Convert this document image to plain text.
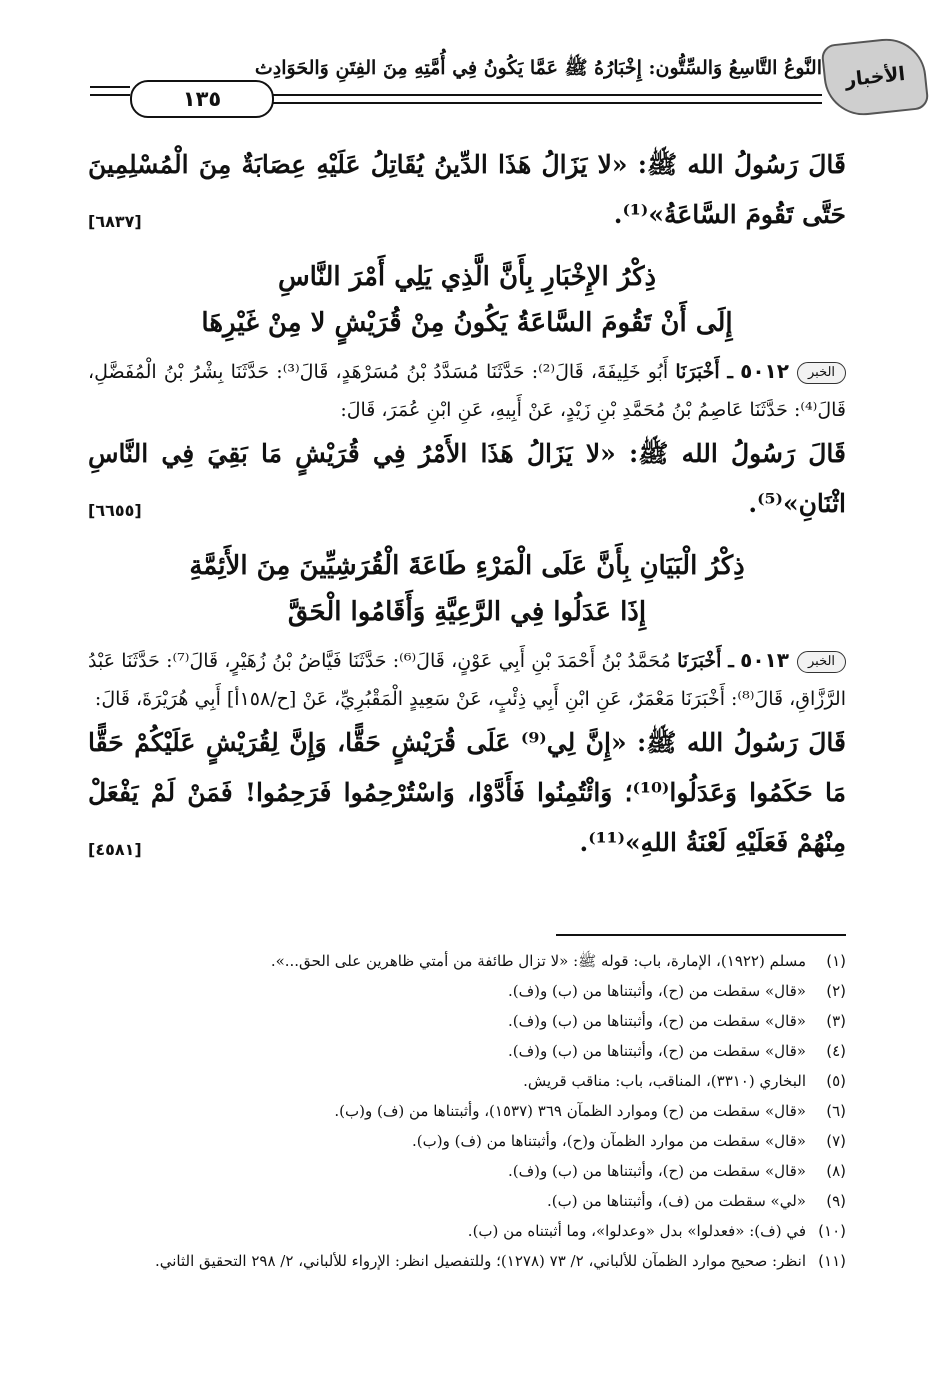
الأخبار
النَّوعُ التَّاسِعُ وَالسِّتُّون: إِخْبَارُهُ ﷺ عَمَّا يَكُونُ فِي أُمَّتِهِ مِنَ الفِتَنِ وَالحَوَادِث
١٣٥

قَالَ رَسُولُ الله ﷺ: «لا يَزَالُ هَذَا الدِّينُ يُقَاتِلُ عَلَيْهِ عِصَابَةٌ مِنَ الْمُسْلِمِينَ حَتَّى تَقُومَ السَّاعَةُ»⁽¹⁾.

[٦٨٣٧]
ذِكْرُ الإِخْبَارِ بِأَنَّ الَّذِي يَلِي أَمْرَ النَّاسِ
إِلَى أَنْ تَقُومَ السَّاعَةُ يَكُونُ مِنْ قُرَيْشٍ لا مِنْ غَيْرِهَا

الخبر٥٠١٢ ـ أَخْبَرَنَا أَبُو خَلِيفَةَ، قَالَ⁽²⁾: حَدَّثَنَا مُسَدَّدُ بْنُ مُسَرْهَدٍ، قَالَ⁽³⁾: حَدَّثَنَا بِشْرُ بْنُ الْمُفَضَّلِ، قَالَ⁽⁴⁾: حَدَّثَنَا عَاصِمُ بْنُ مُحَمَّدِ بْنِ زَيْدٍ، عَنْ أَبِيهِ، عَنِ ابْنِ عُمَرَ، قَالَ:

قَالَ رَسُولُ الله ﷺ: «لا يَزَالُ هَذَا الأَمْرُ فِي قُرَيْشٍ مَا بَقِيَ فِي النَّاسِ اثْنَانِ»⁽⁵⁾.

[٦٦٥٥]
ذِكْرُ الْبَيَانِ بِأَنَّ عَلَى الْمَرْءِ طَاعَةَ الْقُرَشِيِّينَ مِنَ الأَئِمَّةِ
إِذَا عَدَلُوا فِي الرَّعِيَّةِ وَأَقَامُوا الْحَقَّ

الخبر٥٠١٣ ـ أَخْبَرَنَا مُحَمَّدُ بْنُ أَحْمَدَ بْنِ أَبِي عَوْنٍ، قَالَ⁽⁶⁾: حَدَّثَنَا فَيَّاضُ بْنُ زُهَيْرٍ، قَالَ⁽⁷⁾: حَدَّثَنَا عَبْدُ الرَّزَّاقِ، قَالَ⁽⁸⁾: أَخْبَرَنَا مَعْمَرٌ، عَنِ ابْنِ أَبِي ذِئْبٍ، عَنْ سَعِيدٍ الْمَقْبُرِيِّ، عَنْ [ح/١٥٨أ] أَبِي هُرَيْرَةَ، قَالَ:

قَالَ رَسُولُ الله ﷺ: «إِنَّ لِي⁽⁹⁾ عَلَى قُرَيْشٍ حَقًّا، وَإِنَّ لِقُرَيْشٍ عَلَيْكُمْ حَقًّا مَا حَكَمُوا وَعَدَلُوا⁽¹⁰⁾؛ وَائْتُمِنُوا فَأَدَّوْا، وَاسْتُرْحِمُوا فَرَحِمُوا! فَمَنْ لَمْ يَفْعَلْ مِنْهُمْ فَعَلَيْهِ لَعْنَةُ اللهِ»⁽¹¹⁾.

[٤٥٨١]
(١)
مسلم (١٩٢٢)، الإمارة، باب: قوله ﷺ: «لا تزال طائفة من أمتي ظاهرين على الحق...».
(٢)
«قال» سقطت من (ح)، وأثبتناها من (ب) و(ف).
(٣)
«قال» سقطت من (ح)، وأثبتناها من (ب) و(ف).
(٤)
«قال» سقطت من (ح)، وأثبتناها من (ب) و(ف).
(٥)
البخاري (٣٣١٠)، المناقب، باب: مناقب قريش.
(٦)
«قال» سقطت من (ح) وموارد الظمآن ٣٦٩ (١٥٣٧)، وأثبتناها من (ف) و(ب).
(٧)
«قال» سقطت من موارد الظمآن و(ح)، وأثبتناها من (ف) و(ب).
(٨)
«قال» سقطت من (ح)، وأثبتناها من (ب) و(ف).
(٩)
«لي» سقطت من (ف)، وأثبتناها من (ب).
(١٠)
في (ف): «فعدلوا» بدل «وعدلوا»، وما أثبتناه من (ب).
(١١)
انظر: صحيح موارد الظمآن للألباني، ٢/ ٧٣ (١٢٧٨)؛ وللتفصيل انظر: الإرواء للألباني، ٢/ ٢٩٨ التحقيق الثاني.
